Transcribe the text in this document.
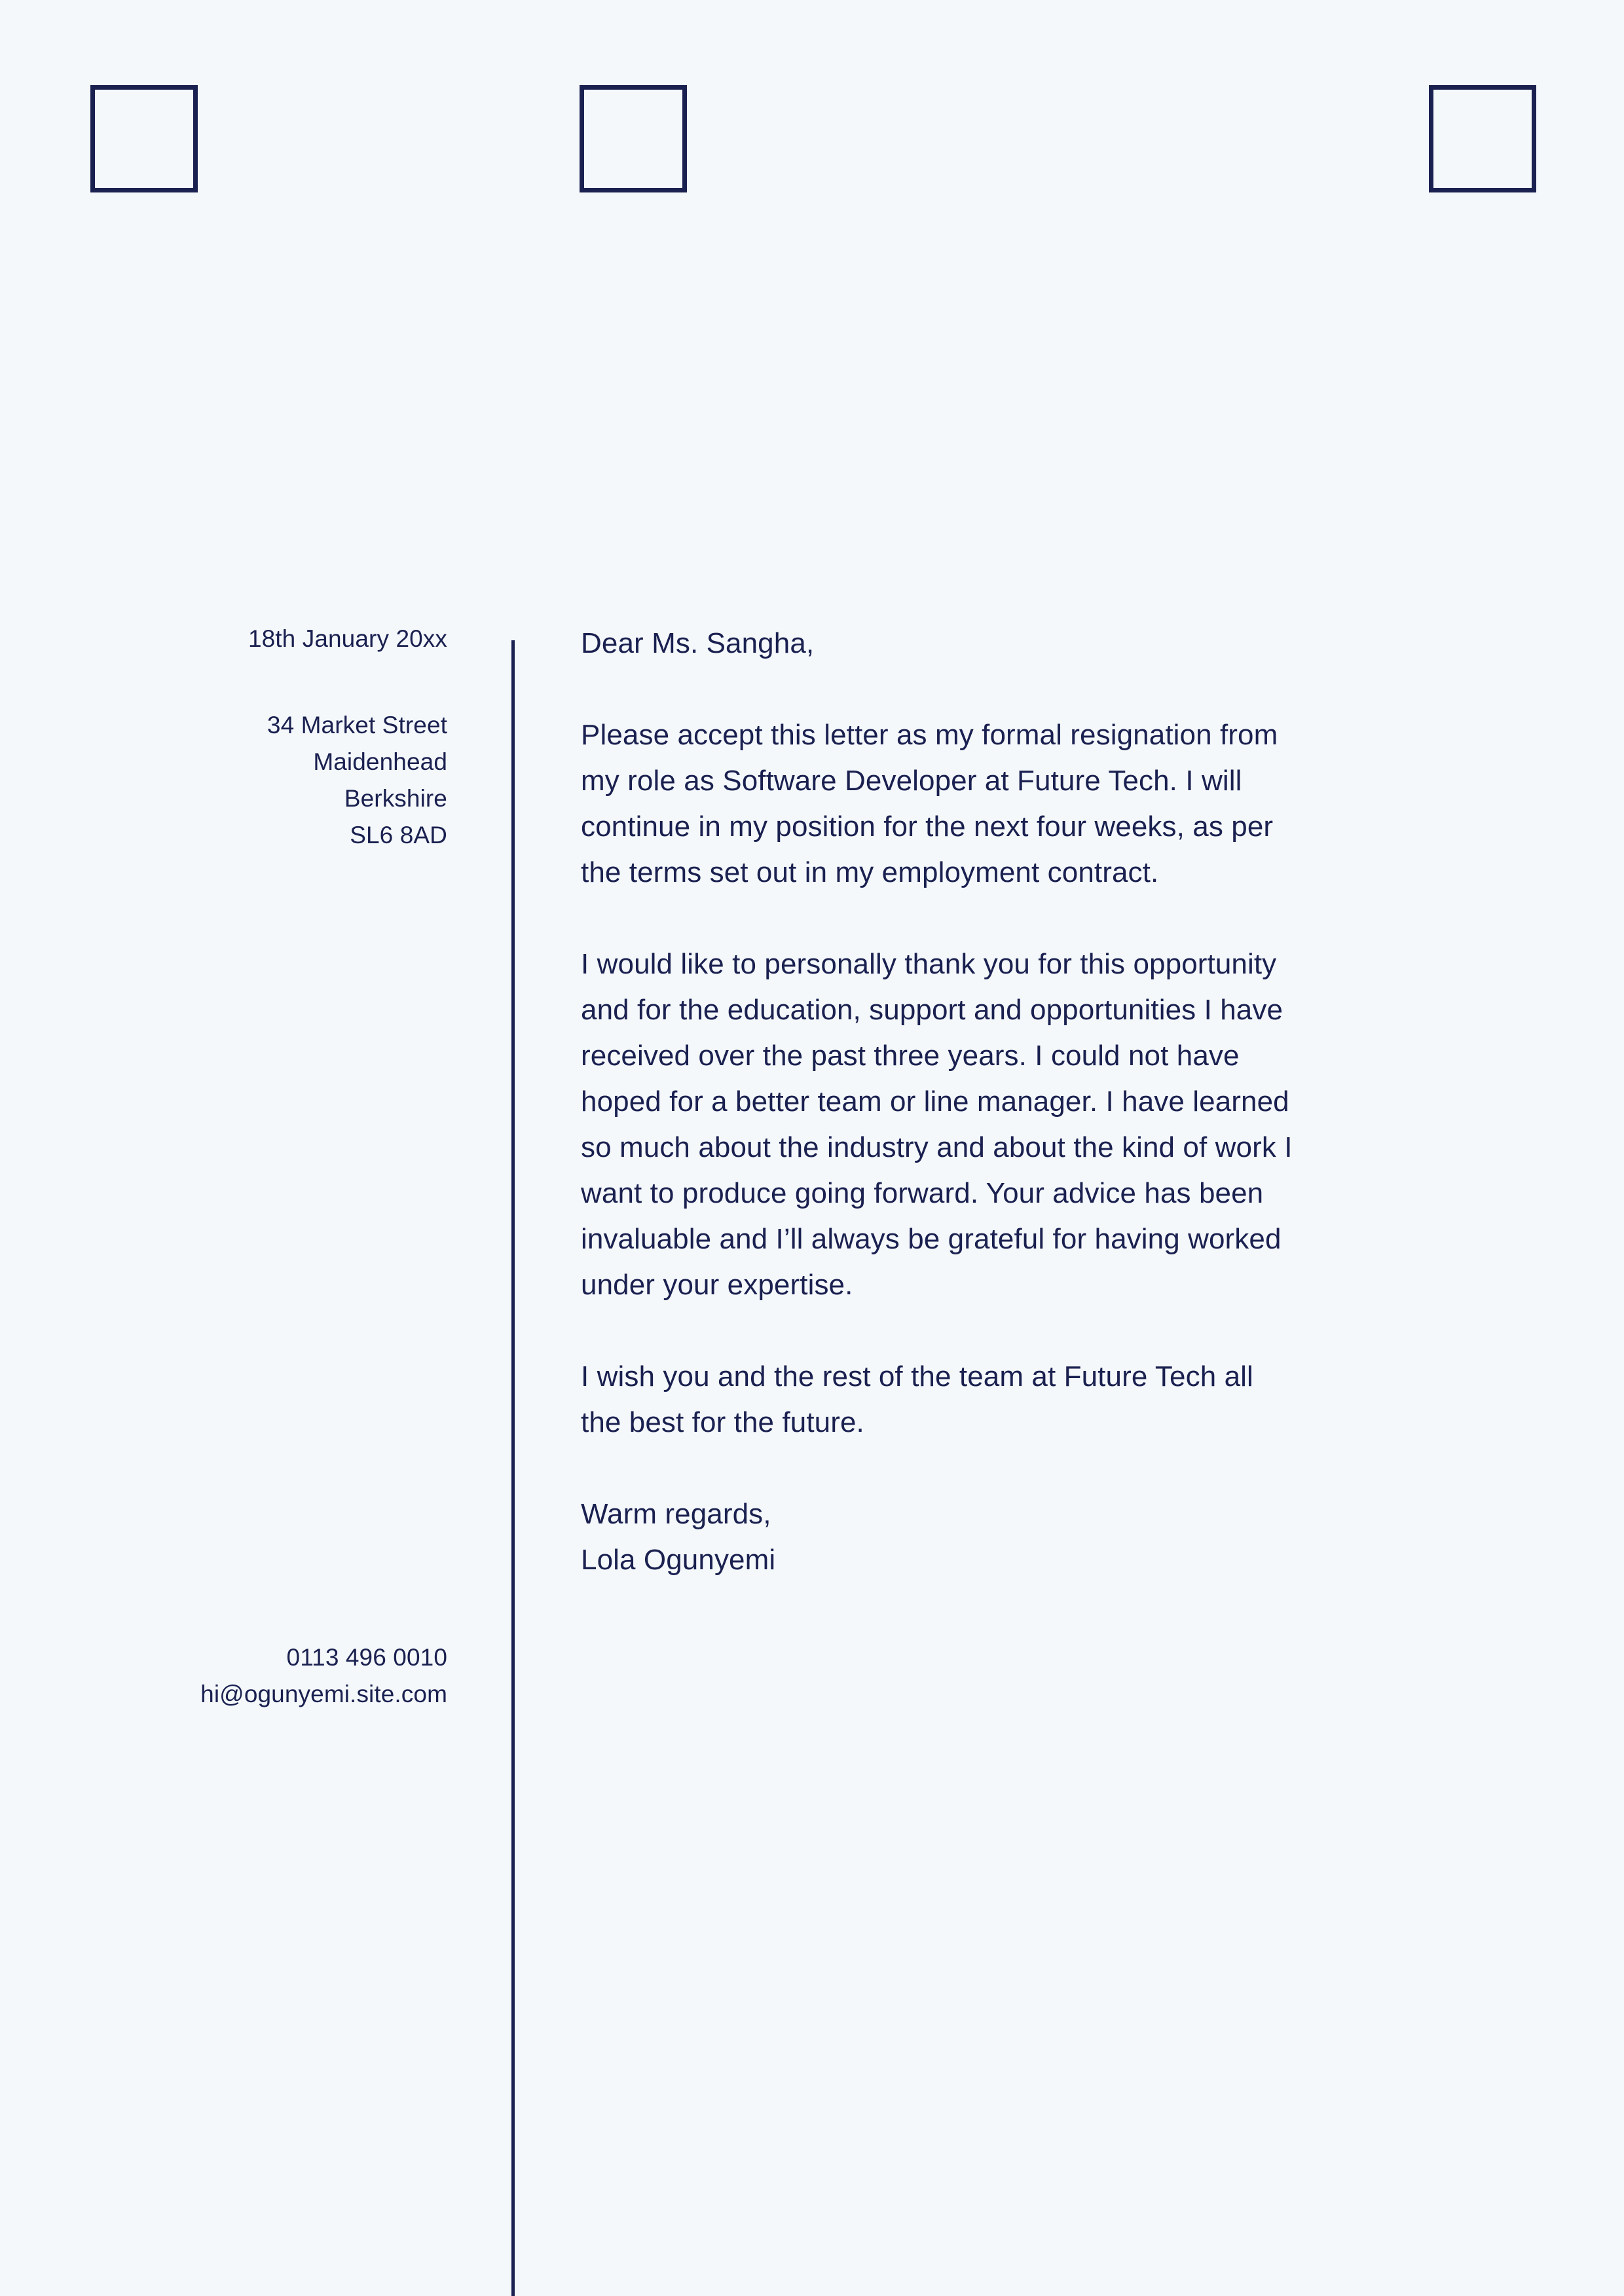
18th January 20xx

34 Market Street
Maidenhead
Berkshire
SL6 8AD

0113 496 0010
hi@ogunyemi.site.com

Dear Ms. Sangha,

Please accept this letter as my formal resignation from my role as Software Developer at Future Tech. I will continue in my position for the next four weeks, as per the terms set out in my employment contract.

I would like to personally thank you for this opportunity and for the education, support and opportunities I have received over the past three years. I could not have hoped for a better team or line manager. I have learned so much about the industry and about the kind of work I want to produce going forward. Your advice has been invaluable and I’ll always be grateful for having worked under your expertise.

I wish you and the rest of the team at Future Tech all the best for the future.

Warm regards,
Lola Ogunyemi
